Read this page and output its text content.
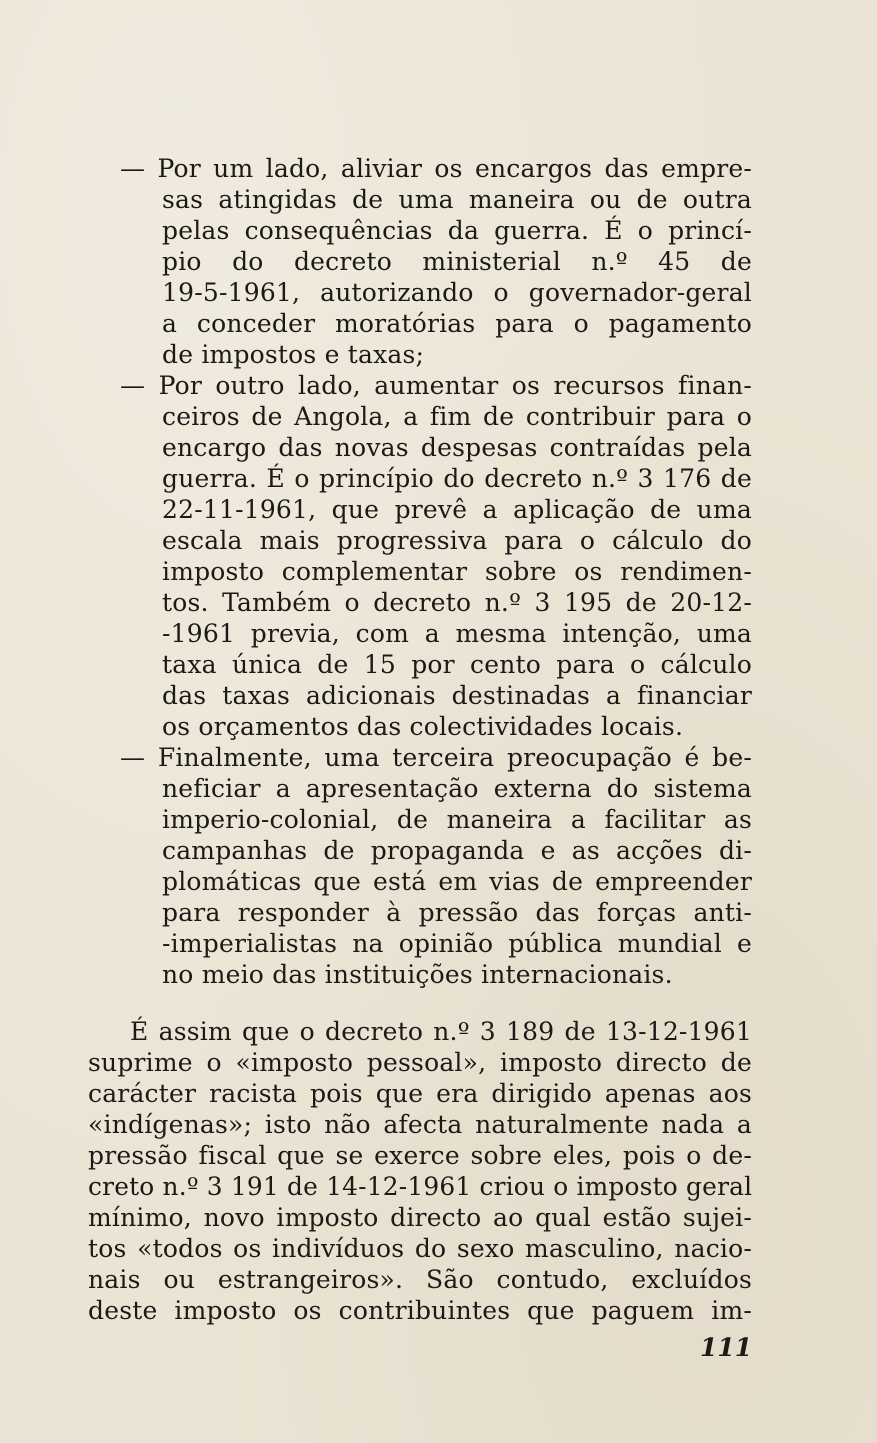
— Por um lado, aliviar os encargos das empre-

sas atingidas de uma maneira ou de outra

pelas consequências da guerra. É o princí-

pio do decreto ministerial n.º 45 de

19-5-1961, autorizando o governador-geral

a conceder moratórias para o pagamento

de impostos e taxas;

— Por outro lado, aumentar os recursos finan-

ceiros de Angola, a fim de contribuir para o

encargo das novas despesas contraídas pela

guerra. É o princípio do decreto n.º 3 176 de

22-11-1961, que prevê a aplicação de uma

escala mais progressiva para o cálculo do

imposto complementar sobre os rendimen-

tos. Também o decreto n.º 3 195 de 20-12-

-1961 previa, com a mesma intenção, uma

taxa única de 15 por cento para o cálculo

das taxas adicionais destinadas a financiar

os orçamentos das colectividades locais.

— Finalmente, uma terceira preocupação é be-

neficiar a apresentação externa do sistema

imperio-colonial, de maneira a facilitar as

campanhas de propaganda e as acções di-

plomáticas que está em vias de empreender

para responder à pressão das forças anti-

-imperialistas na opinião pública mundial e

no meio das instituições internacionais.

É assim que o decreto n.º 3 189 de 13-12-1961

suprime o «imposto pessoal», imposto directo de

carácter racista pois que era dirigido apenas aos

«indígenas»; isto não afecta naturalmente nada a

pressão fiscal que se exerce sobre eles, pois o de-

creto n.º 3 191 de 14-12-1961 criou o imposto geral

mínimo, novo imposto directo ao qual estão sujei-

tos «todos os indivíduos do sexo masculino, nacio-

nais ou estrangeiros». São contudo, excluídos

deste imposto os contribuintes que paguem im-

111
